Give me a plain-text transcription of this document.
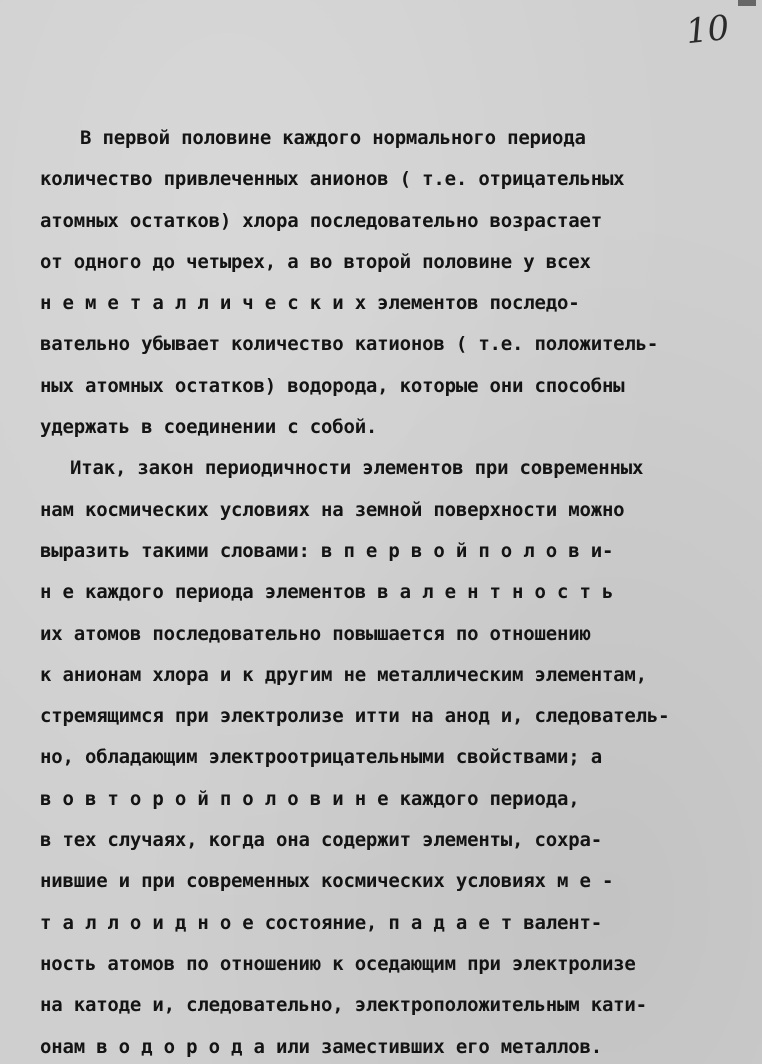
10
В первой половине каждого нормального периода
количество привлеченных анионов ( т.е. отрицательных
атомных остатков) хлора последовательно возрастает
от одного до четырех, а во второй половине у всех
н е м е т а л л и ч е с к и х элементов последо-
вательно убывает количество катионов ( т.е. положитель-
ных атомных остатков) водорода, которые они способны
удержать в соединении с собой.
Итак, закон периодичности элементов при современных
нам космических условиях на земной поверхности можно
выразить такими словами: в п е р в о й п о л о в и-
н е каждого периода элементов в а л е н т н о с т ь
их атомов последовательно повышается по отношению
к анионам хлора и к другим не металлическим элементам,
стремящимся при электролизе итти на анод и, следователь-
но, обладающим электроотрицательными свойствами; а
в о в т о р о й п о л о в и н е каждого периода,
в тех случаях, когда она содержит элементы, сохра-
нившие и при современных космических условиях м е -
т а л л о и д н о е состояние, п а д а е т валент-
ность атомов по отношению к оседающим при электролизе
на катоде и, следовательно, электроположительным кати-
онам в о д о р о д а или заместивших его металлов.
